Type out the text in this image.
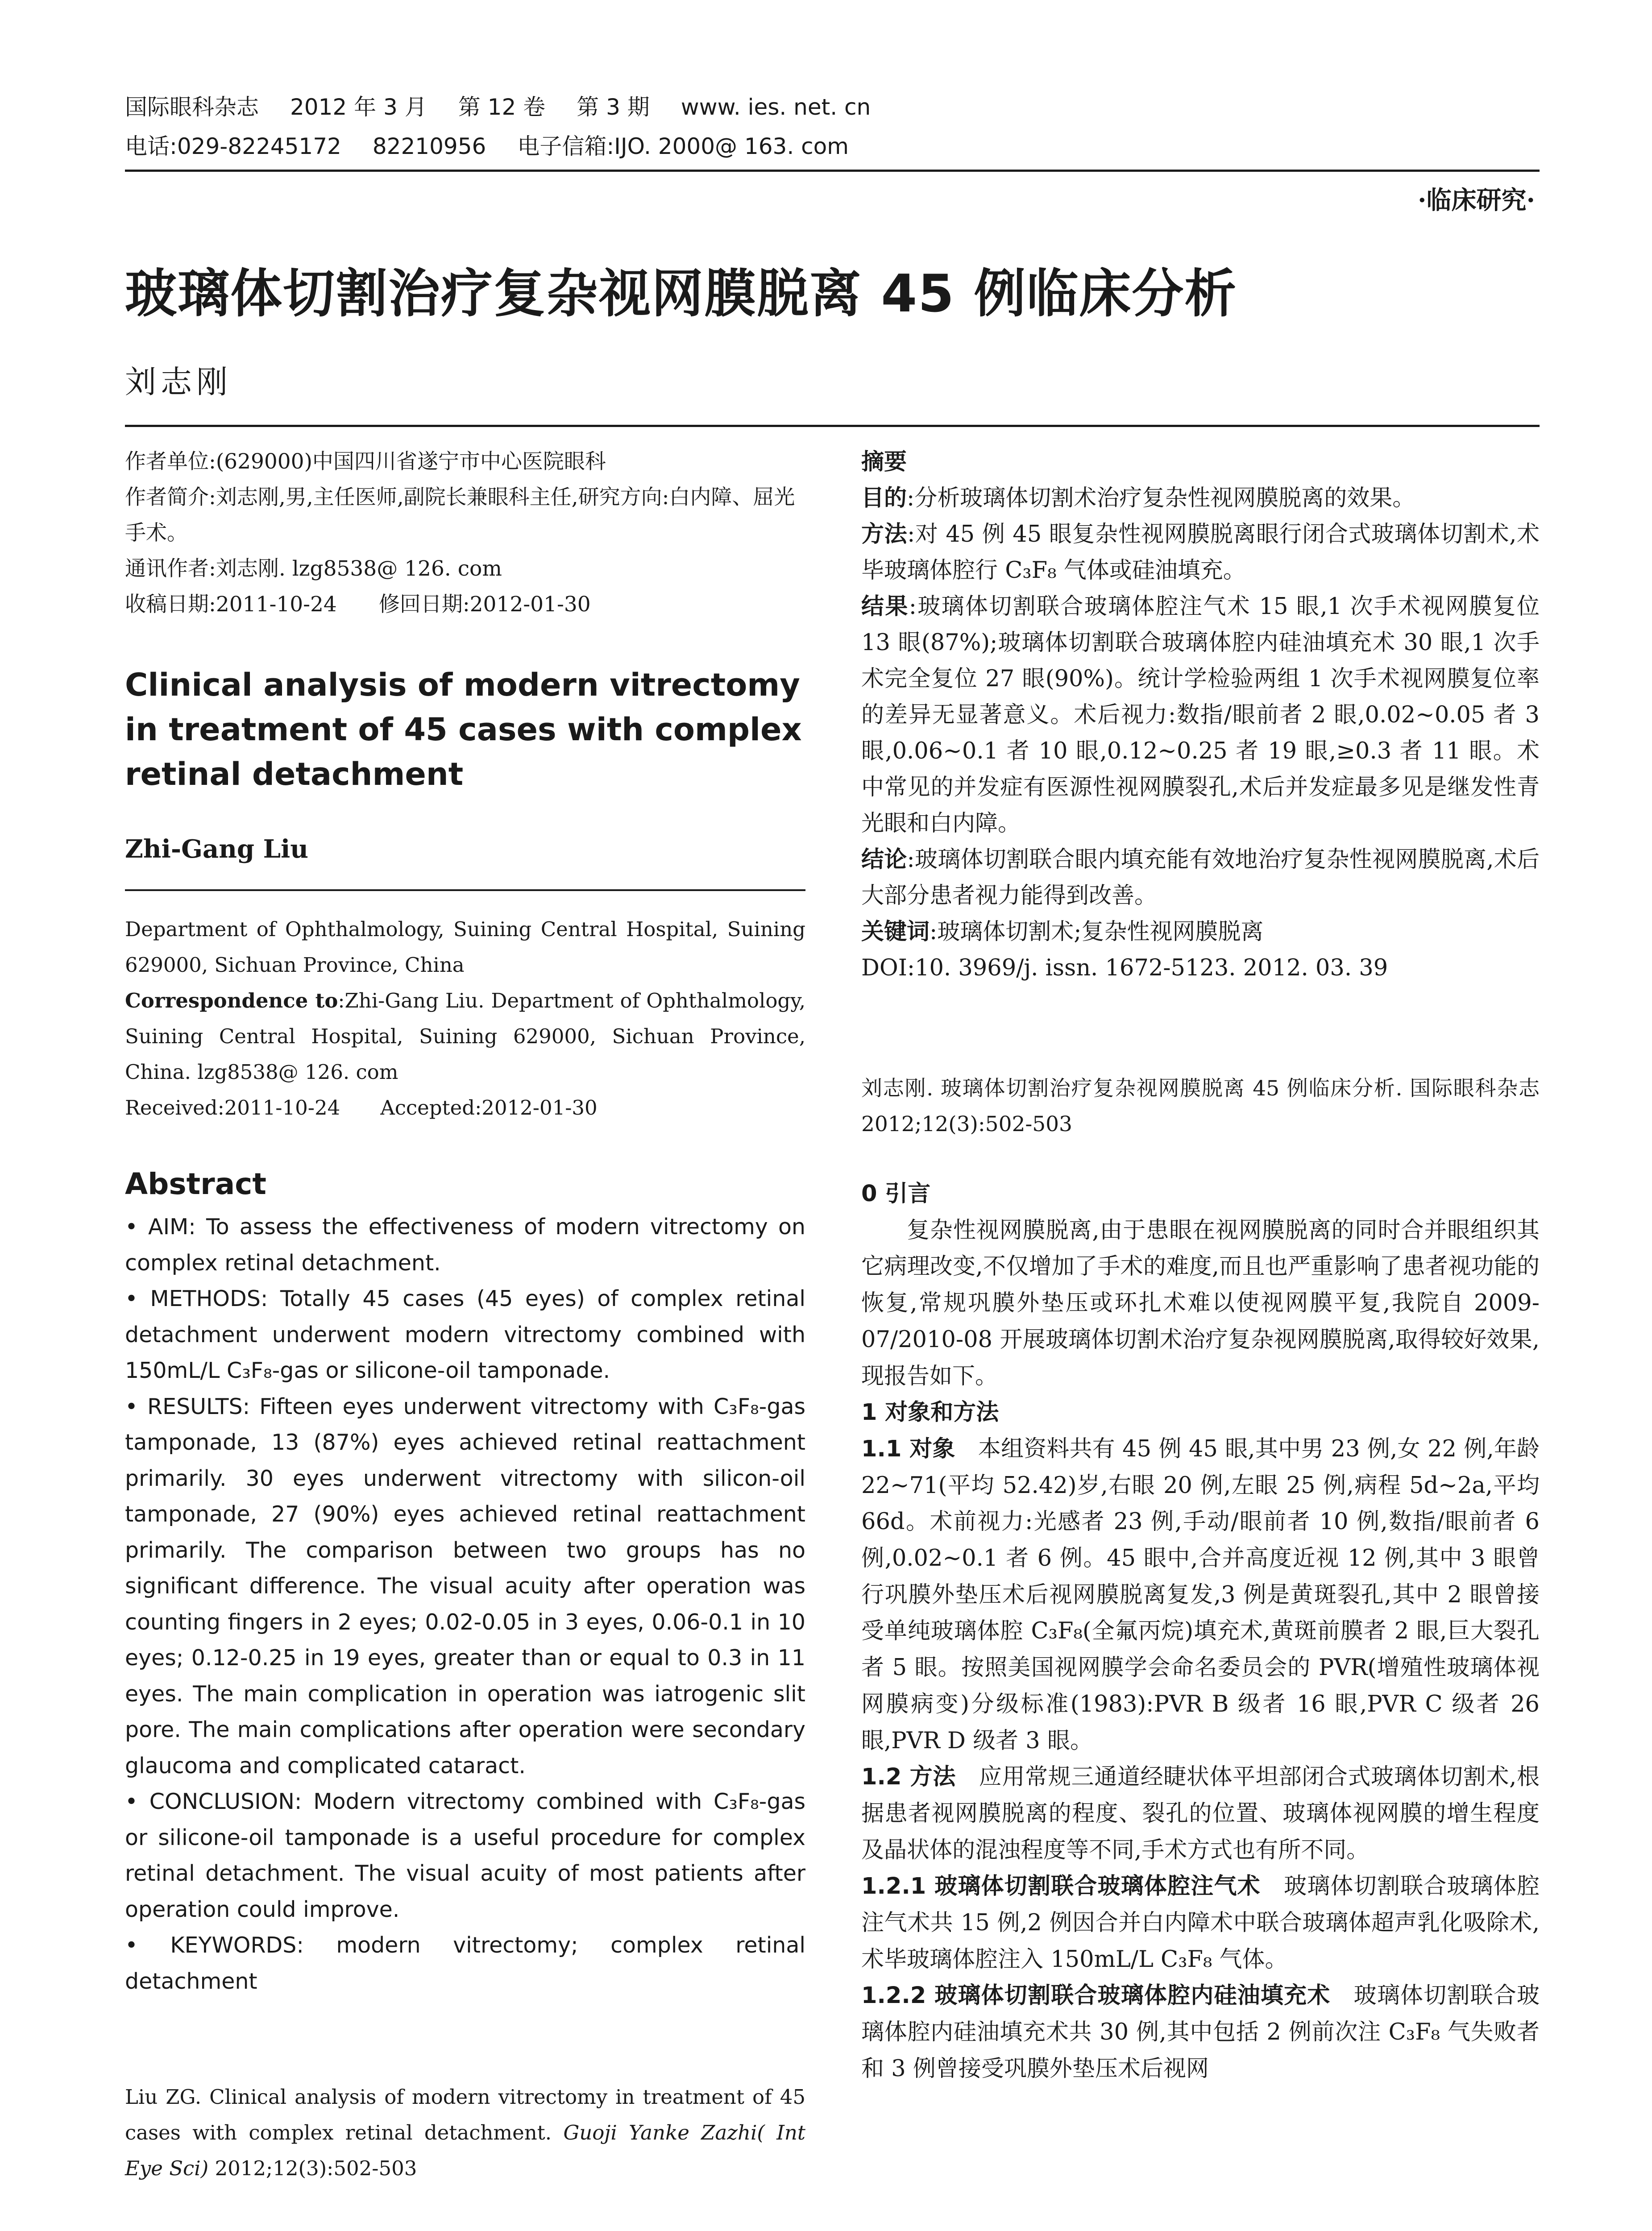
国际眼科杂志 2012 年 3 月 第 12 卷 第 3 期 www. ies. net. cn
电话:029-82245172 82210956 电子信箱:IJO. 2000@ 163. com
·临床研究·
玻璃体切割治疗复杂视网膜脱离 45 例临床分析
刘志刚
作者单位:(629000)中国四川省遂宁市中心医院眼科
作者简介:刘志刚,男,主任医师,副院长兼眼科主任,研究方向:白内障、屈光手术。
通讯作者:刘志刚. lzg8538@ 126. com
收稿日期:2011-10-24　　修回日期:2012-01-30
Clinical analysis of modern vitrectomy in treatment of 45 cases with complex retinal detachment
Zhi-Gang Liu

Department of Ophthalmology, Suining Central Hospital, Suining 629000, Sichuan Province, China

Correspondence to:Zhi-Gang Liu. Department of Ophthalmology, Suining Central Hospital, Suining 629000, Sichuan Province, China. lzg8538@ 126. com

Received:2011-10-24　　Accepted:2012-01-30

Abstract

• AIM: To assess the effectiveness of modern vitrectomy on complex retinal detachment.

• METHODS: Totally 45 cases (45 eyes) of complex retinal detachment underwent modern vitrectomy combined with 150mL/L C₃F₈-gas or silicone-oil tamponade.

• RESULTS: Fifteen eyes underwent vitrectomy with C₃F₈-gas tamponade, 13 (87%) eyes achieved retinal reattachment primarily. 30 eyes underwent vitrectomy with silicon-oil tamponade, 27 (90%) eyes achieved retinal reattachment primarily. The comparison between two groups has no significant difference. The visual acuity after operation was counting fingers in 2 eyes; 0.02-0.05 in 3 eyes, 0.06-0.1 in 10 eyes; 0.12-0.25 in 19 eyes, greater than or equal to 0.3 in 11 eyes. The main complication in operation was iatrogenic slit pore. The main complications after operation were secondary glaucoma and complicated cataract.

• CONCLUSION: Modern vitrectomy combined with C₃F₈-gas or silicone-oil tamponade is a useful procedure for complex retinal detachment. The visual acuity of most patients after operation could improve.

• KEYWORDS: modern vitrectomy; complex retinal detachment

Liu ZG. Clinical analysis of modern vitrectomy in treatment of 45 cases with complex retinal detachment. Guoji Yanke Zazhi( Int Eye Sci) 2012;12(3):502-503

摘要

目的:分析玻璃体切割术治疗复杂性视网膜脱离的效果。

方法:对 45 例 45 眼复杂性视网膜脱离眼行闭合式玻璃体切割术,术毕玻璃体腔行 C₃F₈ 气体或硅油填充。

结果:玻璃体切割联合玻璃体腔注气术 15 眼,1 次手术视网膜复位 13 眼(87%);玻璃体切割联合玻璃体腔内硅油填充术 30 眼,1 次手术完全复位 27 眼(90%)。统计学检验两组 1 次手术视网膜复位率的差异无显著意义。术后视力:数指/眼前者 2 眼,0.02~0.05 者 3 眼,0.06~0.1 者 10 眼,0.12~0.25 者 19 眼,≥0.3 者 11 眼。术中常见的并发症有医源性视网膜裂孔,术后并发症最多见是继发性青光眼和白内障。

结论:玻璃体切割联合眼内填充能有效地治疗复杂性视网膜脱离,术后大部分患者视力能得到改善。

关键词:玻璃体切割术;复杂性视网膜脱离

DOI:10. 3969/j. issn. 1672-5123. 2012. 03. 39

刘志刚. 玻璃体切割治疗复杂视网膜脱离 45 例临床分析. 国际眼科杂志 2012;12(3):502-503

0 引言

复杂性视网膜脱离,由于患眼在视网膜脱离的同时合并眼组织其它病理改变,不仅增加了手术的难度,而且也严重影响了患者视功能的恢复,常规巩膜外垫压或环扎术难以使视网膜平复,我院自 2009-07/2010-08 开展玻璃体切割术治疗复杂视网膜脱离,取得较好效果,现报告如下。

1 对象和方法

1.1 对象　 本组资料共有 45 例 45 眼,其中男 23 例,女 22 例,年龄 22~71(平均 52.42)岁,右眼 20 例,左眼 25 例,病程 5d~2a,平均 66d。术前视力:光感者 23 例,手动/眼前者 10 例,数指/眼前者 6 例,0.02~0.1 者 6 例。45 眼中,合并高度近视 12 例,其中 3 眼曾行巩膜外垫压术后视网膜脱离复发,3 例是黄斑裂孔,其中 2 眼曾接受单纯玻璃体腔 C₃F₈(全氟丙烷)填充术,黄斑前膜者 2 眼,巨大裂孔者 5 眼。按照美国视网膜学会命名委员会的 PVR(增殖性玻璃体视网膜病变)分级标准(1983):PVR B 级者 16 眼,PVR C 级者 26 眼,PVR D 级者 3 眼。

1.2 方法　 应用常规三通道经睫状体平坦部闭合式玻璃体切割术,根据患者视网膜脱离的程度、裂孔的位置、玻璃体视网膜的增生程度及晶状体的混浊程度等不同,手术方式也有所不同。

1.2.1 玻璃体切割联合玻璃体腔注气术　 玻璃体切割联合玻璃体腔注气术共 15 例,2 例因合并白内障术中联合玻璃体超声乳化吸除术,术毕玻璃体腔注入 150mL/L C₃F₈ 气体。

1.2.2 玻璃体切割联合玻璃体腔内硅油填充术　 玻璃体切割联合玻璃体腔内硅油填充术共 30 例,其中包括 2 例前次注 C₃F₈ 气失败者和 3 例曾接受巩膜外垫压术后视网
